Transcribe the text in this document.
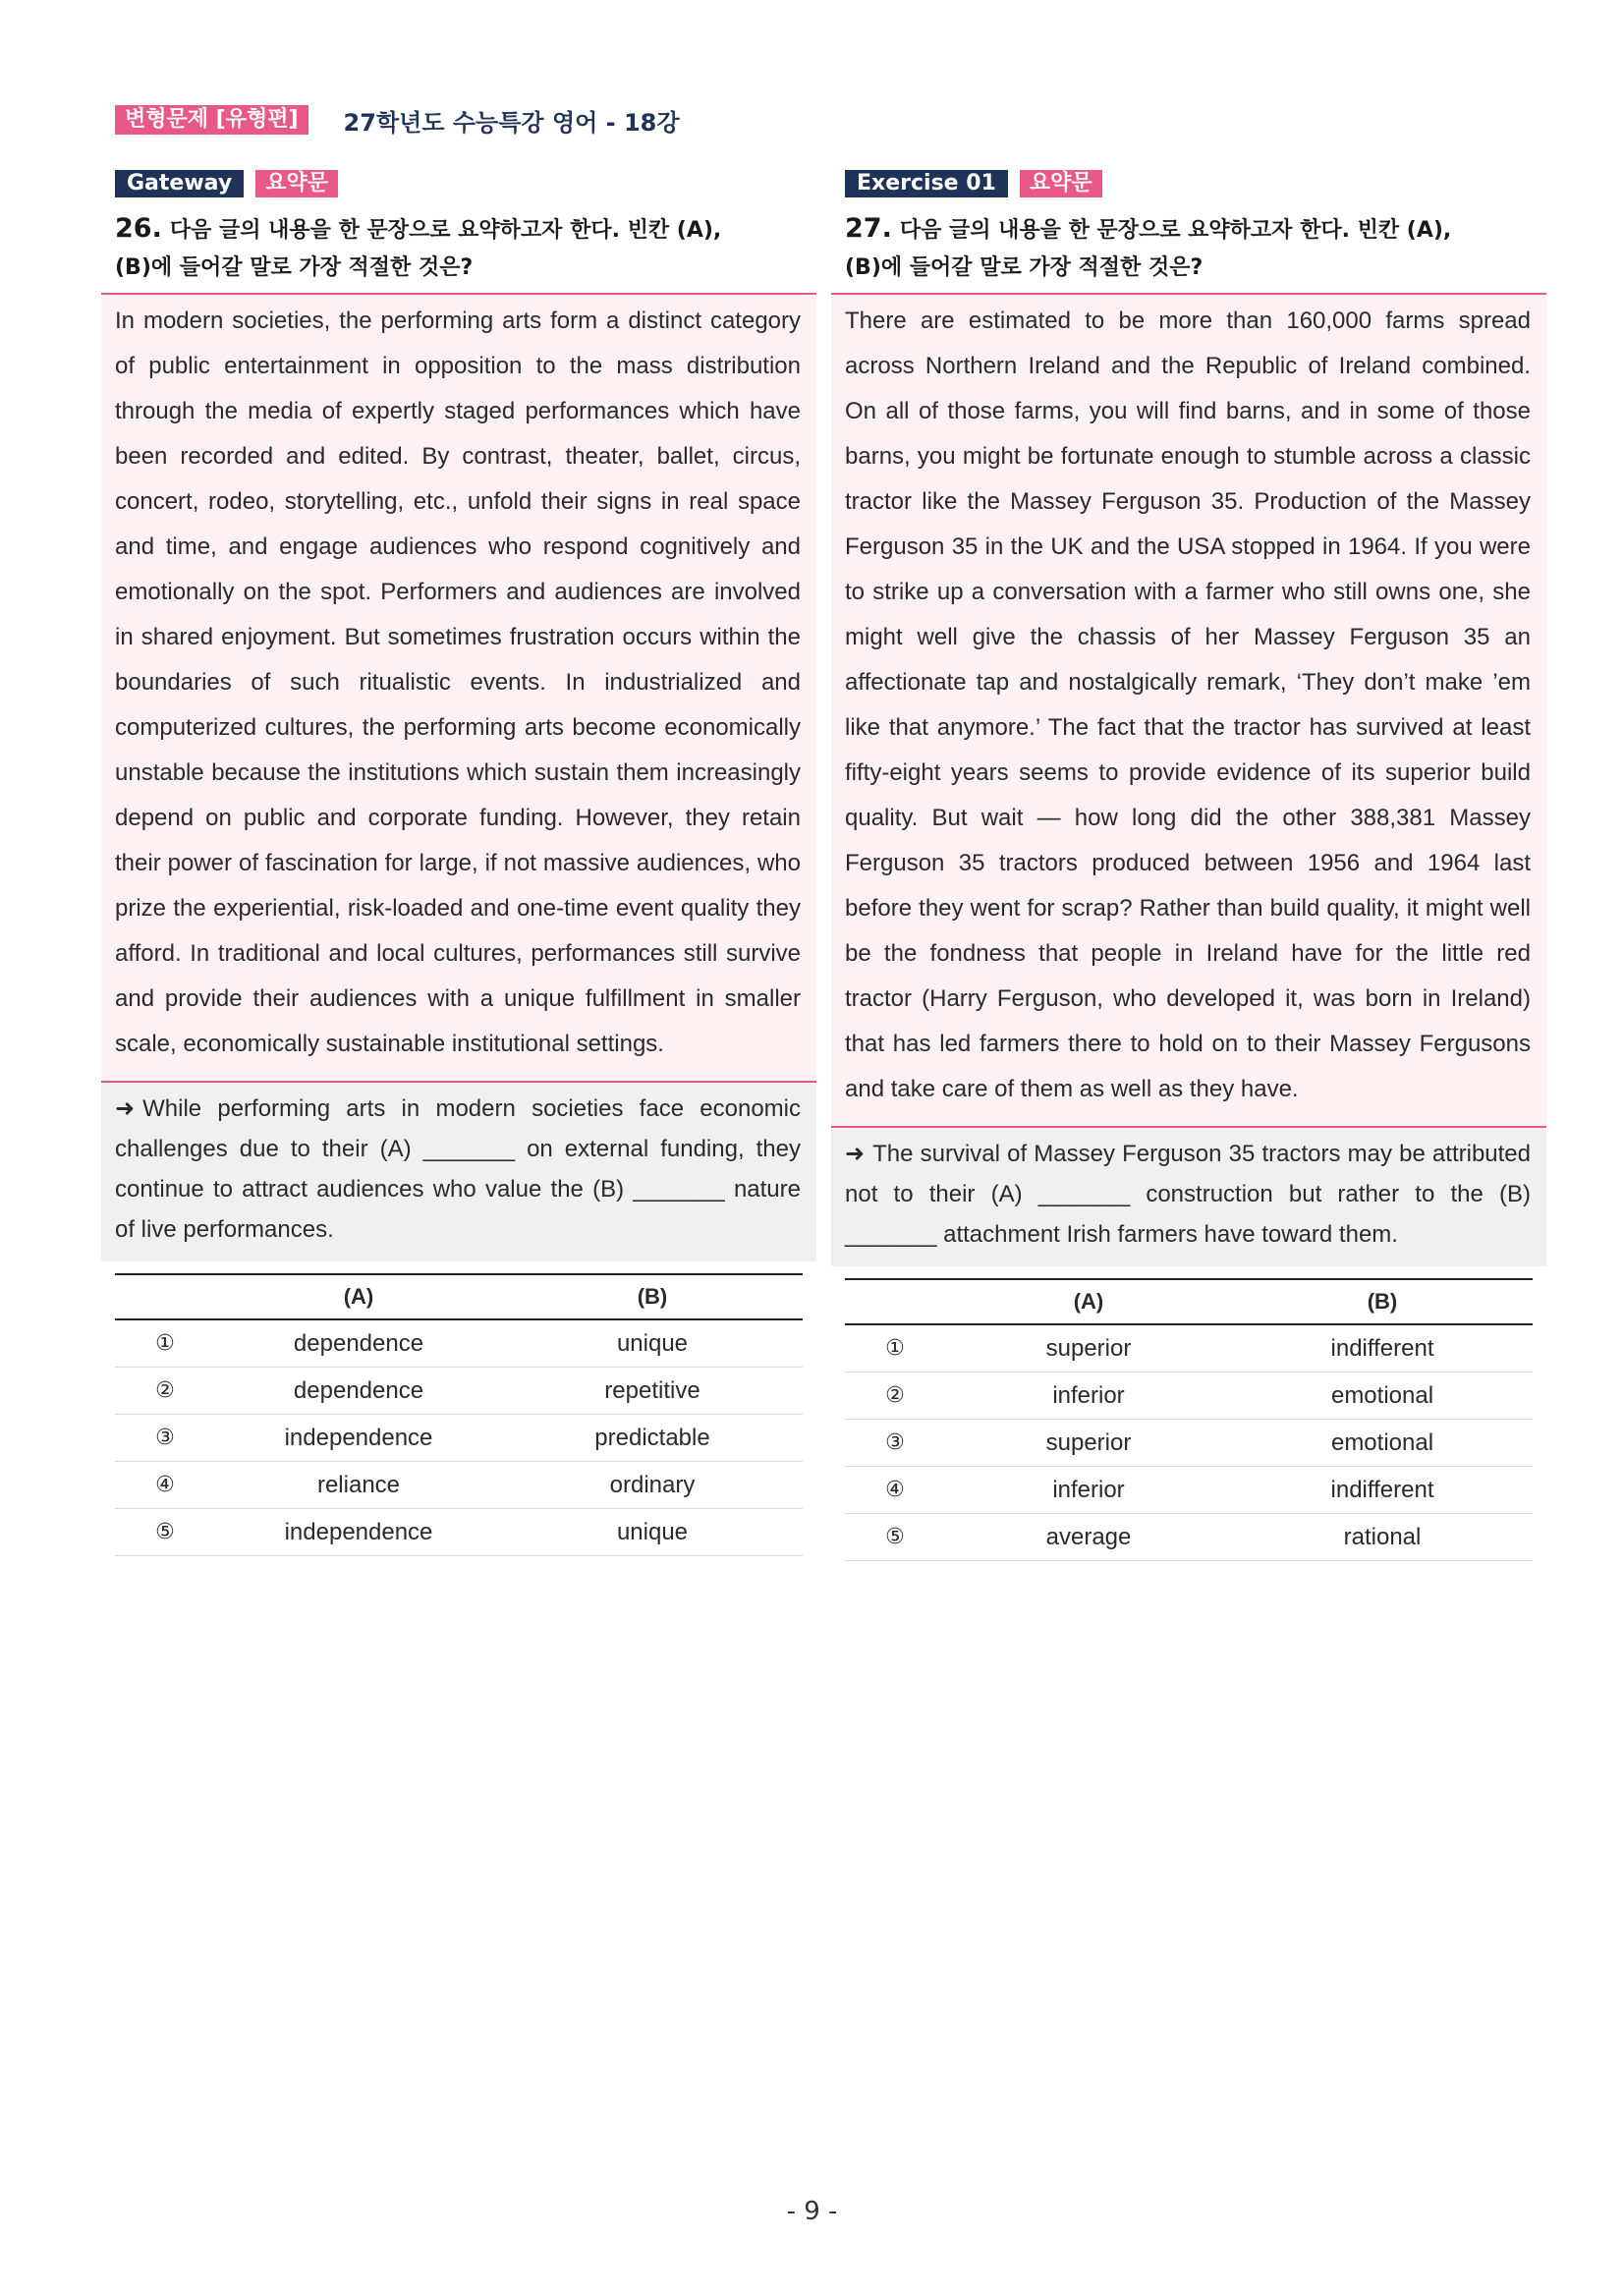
변형문제 [유형편]	27학년도 수능특강 영어 - 18강
Gateway	요약문
26. 다음 글의 내용을 한 문장으로 요약하고자 한다. 빈칸 (A),
(B)에 들어갈 말로 가장 적절한 것은?
In modern societies, the performing arts form a distinct category of public entertainment in opposition to the mass distribution through the media of expertly staged performances which have been recorded and edited. By contrast, theater, ballet, circus, concert, rodeo, storytelling, etc., unfold their signs in real space and time, and engage audiences who respond cognitively and emotionally on the spot. Performers and audiences are involved in shared enjoyment. But sometimes frustration occurs within the boundaries of such ritualistic events. In industrialized and computerized cultures, the performing arts become economically unstable because the institutions which sustain them increasingly depend on public and corporate funding. However, they retain their power of fascination for large, if not massive audiences, who prize the experiential, risk-loaded and one-time event quality they afford. In traditional and local cultures, performances still survive and provide their audiences with a unique fulfillment in smaller scale, economically sustainable institutional settings.
➜ While performing arts in modern societies face economic challenges due to their (A) _______ on external funding, they continue to attract audiences who value the (B) _______ nature of live performances.
	(A)	(B)
①	dependence	unique
②	dependence	repetitive
③	independence	predictable
④	reliance	ordinary
⑤	independence	unique
Exercise 01	요약문
27. 다음 글의 내용을 한 문장으로 요약하고자 한다. 빈칸 (A),
(B)에 들어갈 말로 가장 적절한 것은?
There are estimated to be more than 160,000 farms spread across Northern Ireland and the Republic of Ireland combined. On all of those farms, you will find barns, and in some of those barns, you might be fortunate enough to stumble across a classic tractor like the Massey Ferguson 35. Production of the Massey Ferguson 35 in the UK and the USA stopped in 1964. If you were to strike up a conversation with a farmer who still owns one, she might well give the chassis of her Massey Ferguson 35 an affectionate tap and nostalgically remark, ‘They don’t make ’em like that anymore.’ The fact that the tractor has survived at least fifty-eight years seems to provide evidence of its superior build quality. But wait — how long did the other 388,381 Massey Ferguson 35 tractors produced between 1956 and 1964 last before they went for scrap? Rather than build quality, it might well be the fondness that people in Ireland have for the little red tractor (Harry Ferguson, who developed it, was born in Ireland) that has led farmers there to hold on to their Massey Fergusons and take care of them as well as they have.
➜ The survival of Massey Ferguson 35 tractors may be attributed not to their (A) _______ construction but rather to the (B) _______ attachment Irish farmers have toward them.
	(A)	(B)
①	superior	indifferent
②	inferior	emotional
③	superior	emotional
④	inferior	indifferent
⑤	average	rational
- 9 -
